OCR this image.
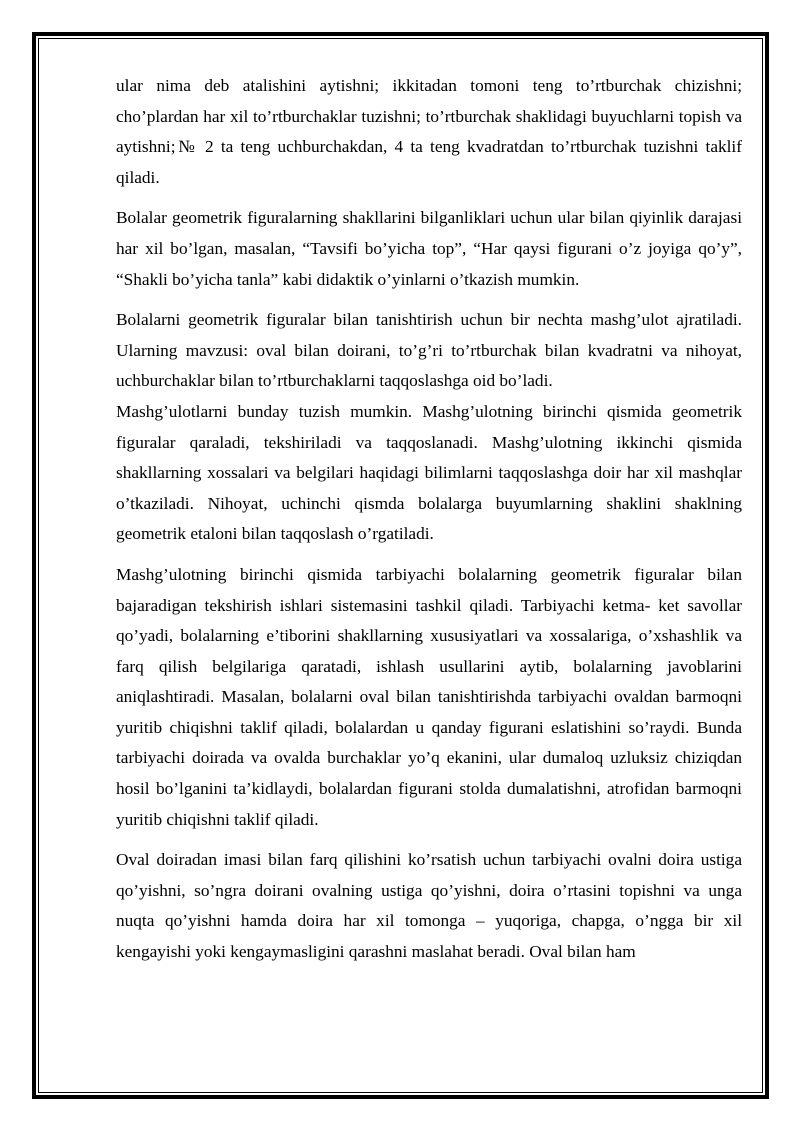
ular nima deb atalishini aytishni; ikkitadan tomoni teng to’rtburchak chizishni; cho’plardan har xil to’rtburchaklar tuzishni; to’rtburchak shaklidagi buyuchlarni topish va aytishni;№ 2 ta teng uchburchakdan, 4 ta teng kvadratdan to’rtburchak tuzishni taklif qiladi.

Bolalar geometrik figuralarning shakllarini bilganliklari uchun ular bilan qiyinlik darajasi har xil bo’lgan, masalan, “Tavsifi bo’yicha top”, “Har qaysi figurani o’z joyiga qo’y”, “Shakli bo’yicha tanla” kabi didaktik o’yinlarni o’tkazish mumkin.

Bolalarni geometrik figuralar bilan tanishtirish uchun bir nechta mashg’ulot ajratiladi. Ularning mavzusi: oval bilan doirani, to’g’ri to’rtburchak bilan kvadratni va nihoyat, uchburchaklar bilan to’rtburchaklarni taqqoslashga oid bo’ladi.

Mashg’ulotlarni bunday tuzish mumkin. Mashg’ulotning birinchi qismida geometrik figuralar qaraladi, tekshiriladi va taqqoslanadi. Mashg’ulotning ikkinchi qismida shakllarning xossalari va belgilari haqidagi bilimlarni taqqoslashga doir har xil mashqlar o’tkaziladi. Nihoyat, uchinchi qismda bolalarga buyumlarning shaklini shaklning geometrik etaloni bilan taqqoslash o’rgatiladi.

Mashg’ulotning birinchi qismida tarbiyachi bolalarning geometrik figuralar bilan bajaradigan tekshirish ishlari sistemasini tashkil qiladi. Tarbiyachi ketma- ket savollar qo’yadi, bolalarning e’tiborini shakllarning xususiyatlari va xossalariga, o’xshashlik va farq qilish belgilariga qaratadi, ishlash usullarini aytib, bolalarning javoblarini aniqlashtiradi. Masalan, bolalarni oval bilan tanishtirishda tarbiyachi ovaldan barmoqni yuritib chiqishni taklif qiladi, bolalardan u qanday figurani eslatishini so’raydi. Bunda tarbiyachi doirada va ovalda burchaklar yo’q ekanini, ular dumaloq uzluksiz chiziqdan hosil bo’lganini ta’kidlaydi, bolalardan figurani stolda dumalatishni, atrofidan barmoqni yuritib chiqishni taklif qiladi.

Oval doiradan imasi bilan farq qilishini ko’rsatish uchun tarbiyachi ovalni doira ustiga qo’yishni, so’ngra doirani ovalning ustiga qo’yishni, doira o’rtasini topishni va unga nuqta qo’yishni hamda doira har xil tomonga – yuqoriga, chapga, o’ngga bir xil kengayishi yoki kengaymasligini qarashni maslahat beradi. Oval bilan ham
